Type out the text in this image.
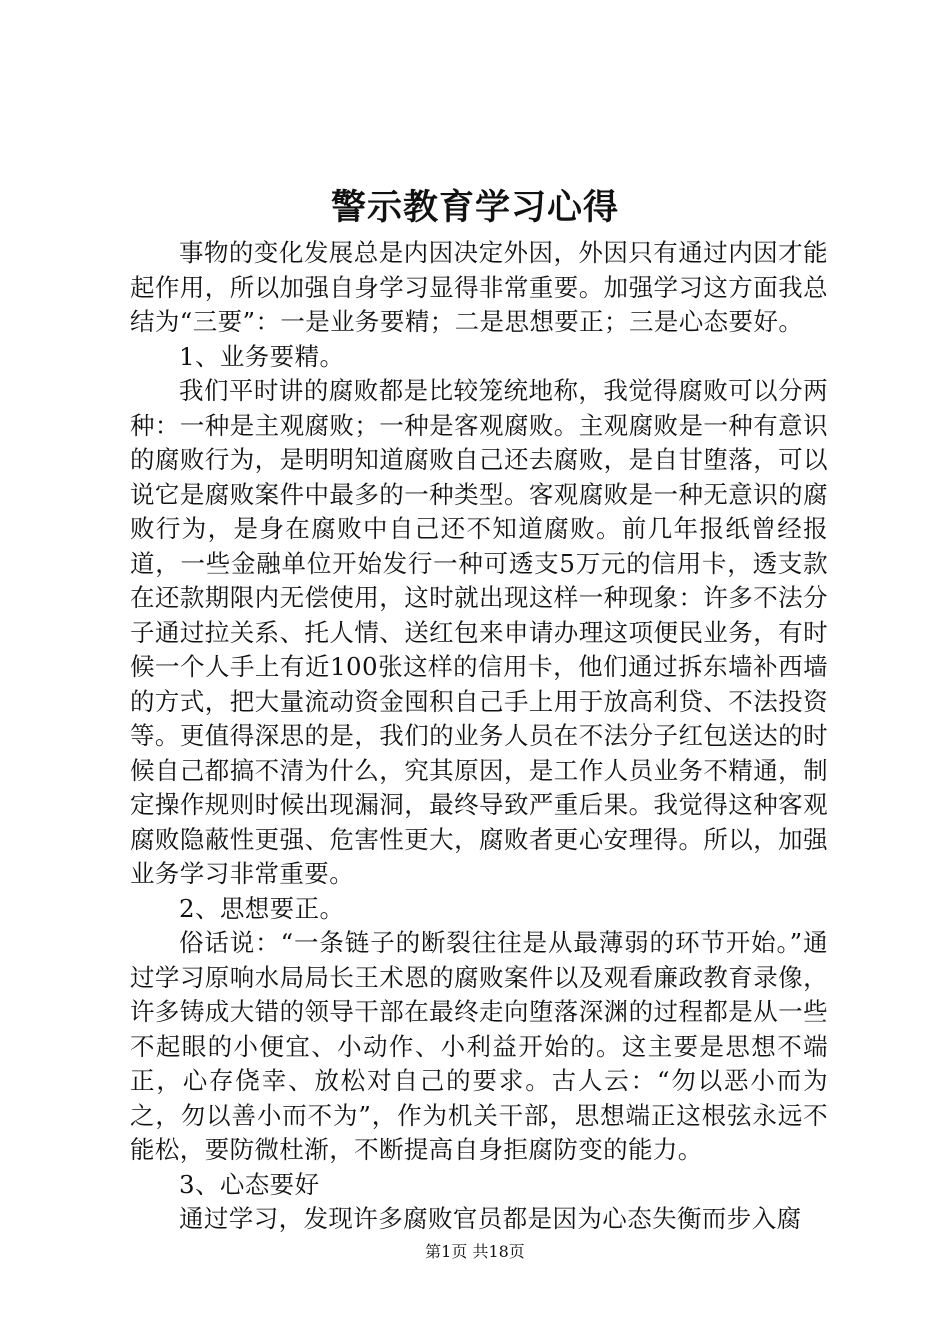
警示教育学习心得

事物的变化发展总是内因决定外因，外因只有通过内因才能起作用，所以加强自身学习显得非常重要。加强学习这方面我总结为“三要”：一是业务要精；二是思想要正；三是心态要好。

1、业务要精。

我们平时讲的腐败都是比较笼统地称，我觉得腐败可以分两种：一种是主观腐败；一种是客观腐败。主观腐败是一种有意识的腐败行为，是明明知道腐败自己还去腐败，是自甘堕落，可以说它是腐败案件中最多的一种类型。客观腐败是一种无意识的腐败行为，是身在腐败中自己还不知道腐败。前几年报纸曾经报道，一些金融单位开始发行一种可透支5万元的信用卡，透支款在还款期限内无偿使用，这时就出现这样一种现象：许多不法分子通过拉关系、托人情、送红包来申请办理这项便民业务，有时候一个人手上有近100张这样的信用卡，他们通过拆东墙补西墙的方式，把大量流动资金囤积自己手上用于放高利贷、不法投资等。更值得深思的是，我们的业务人员在不法分子红包送达的时候自己都搞不清为什么，究其原因，是工作人员业务不精通，制定操作规则时候出现漏洞，最终导致严重后果。我觉得这种客观腐败隐蔽性更强、危害性更大，腐败者更心安理得。所以，加强业务学习非常重要。

2、思想要正。

俗话说：“一条链子的断裂往往是从最薄弱的环节开始。”通过学习原响水局局长王术恩的腐败案件以及观看廉政教育录像，许多铸成大错的领导干部在最终走向堕落深渊的过程都是从一些不起眼的小便宜、小动作、小利益开始的。这主要是思想不端正，心存侥幸、放松对自己的要求。古人云：“勿以恶小而为之，勿以善小而不为”，作为机关干部，思想端正这根弦永远不能松，要防微杜渐，不断提高自身拒腐防变的能力。

3、心态要好

通过学习，发现许多腐败官员都是因为心态失衡而步入腐

第1页 共18页
